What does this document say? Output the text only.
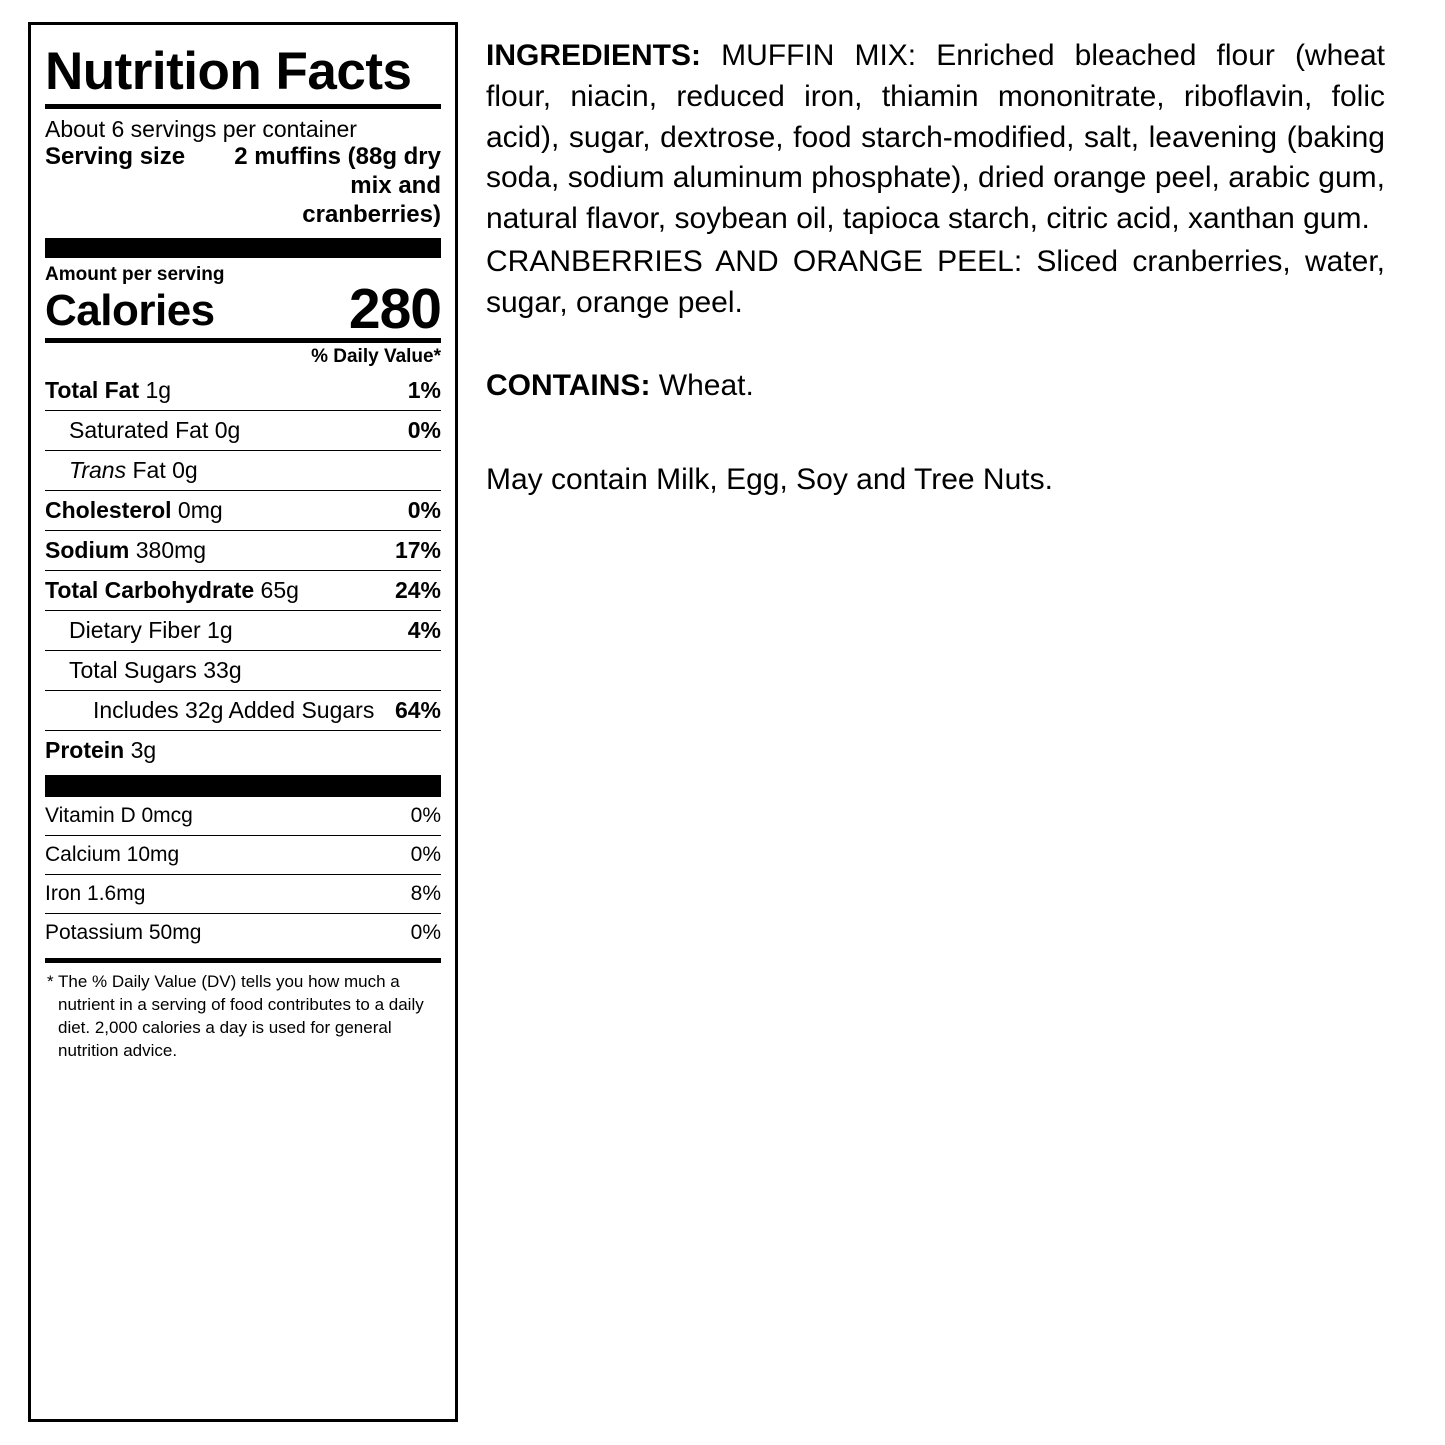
Nutrition Facts
About 6 servings per container
Serving size 2 muffins (88g dry
mix and
cranberries)
Amount per serving
Calories 280
% Daily Value*
Total Fat 1g	1%
Saturated Fat 0g	0%
Trans Fat 0g
Cholesterol 0mg	0%
Sodium 380mg	17%
Total Carbohydrate 65g	24%
Dietary Fiber 1g	4%
Total Sugars 33g
Includes 32g Added Sugars 64%
Protein 3g
Vitamin D 0mcg	0%
Calcium 10mg	0%
Iron 1.6mg	8%
Potassium 50mg	0%
* The % Daily Value (DV) tells you how much a nutrient in a serving of food contributes to a daily diet. 2,000 calories a day is used for general nutrition advice.

INGREDIENTS: MUFFIN MIX: Enriched bleached flour (wheat flour, niacin, reduced iron, thiamin mononitrate, riboflavin, folic acid), sugar, dextrose, food starch-modified, salt, leavening (baking soda, sodium aluminum phosphate), dried orange peel, arabic gum, natural flavor, soybean oil, tapioca starch, citric acid, xanthan gum.

CRANBERRIES AND ORANGE PEEL: Sliced cranberries, water, sugar, orange peel.

CONTAINS: Wheat.

May contain Milk, Egg, Soy and Tree Nuts.
